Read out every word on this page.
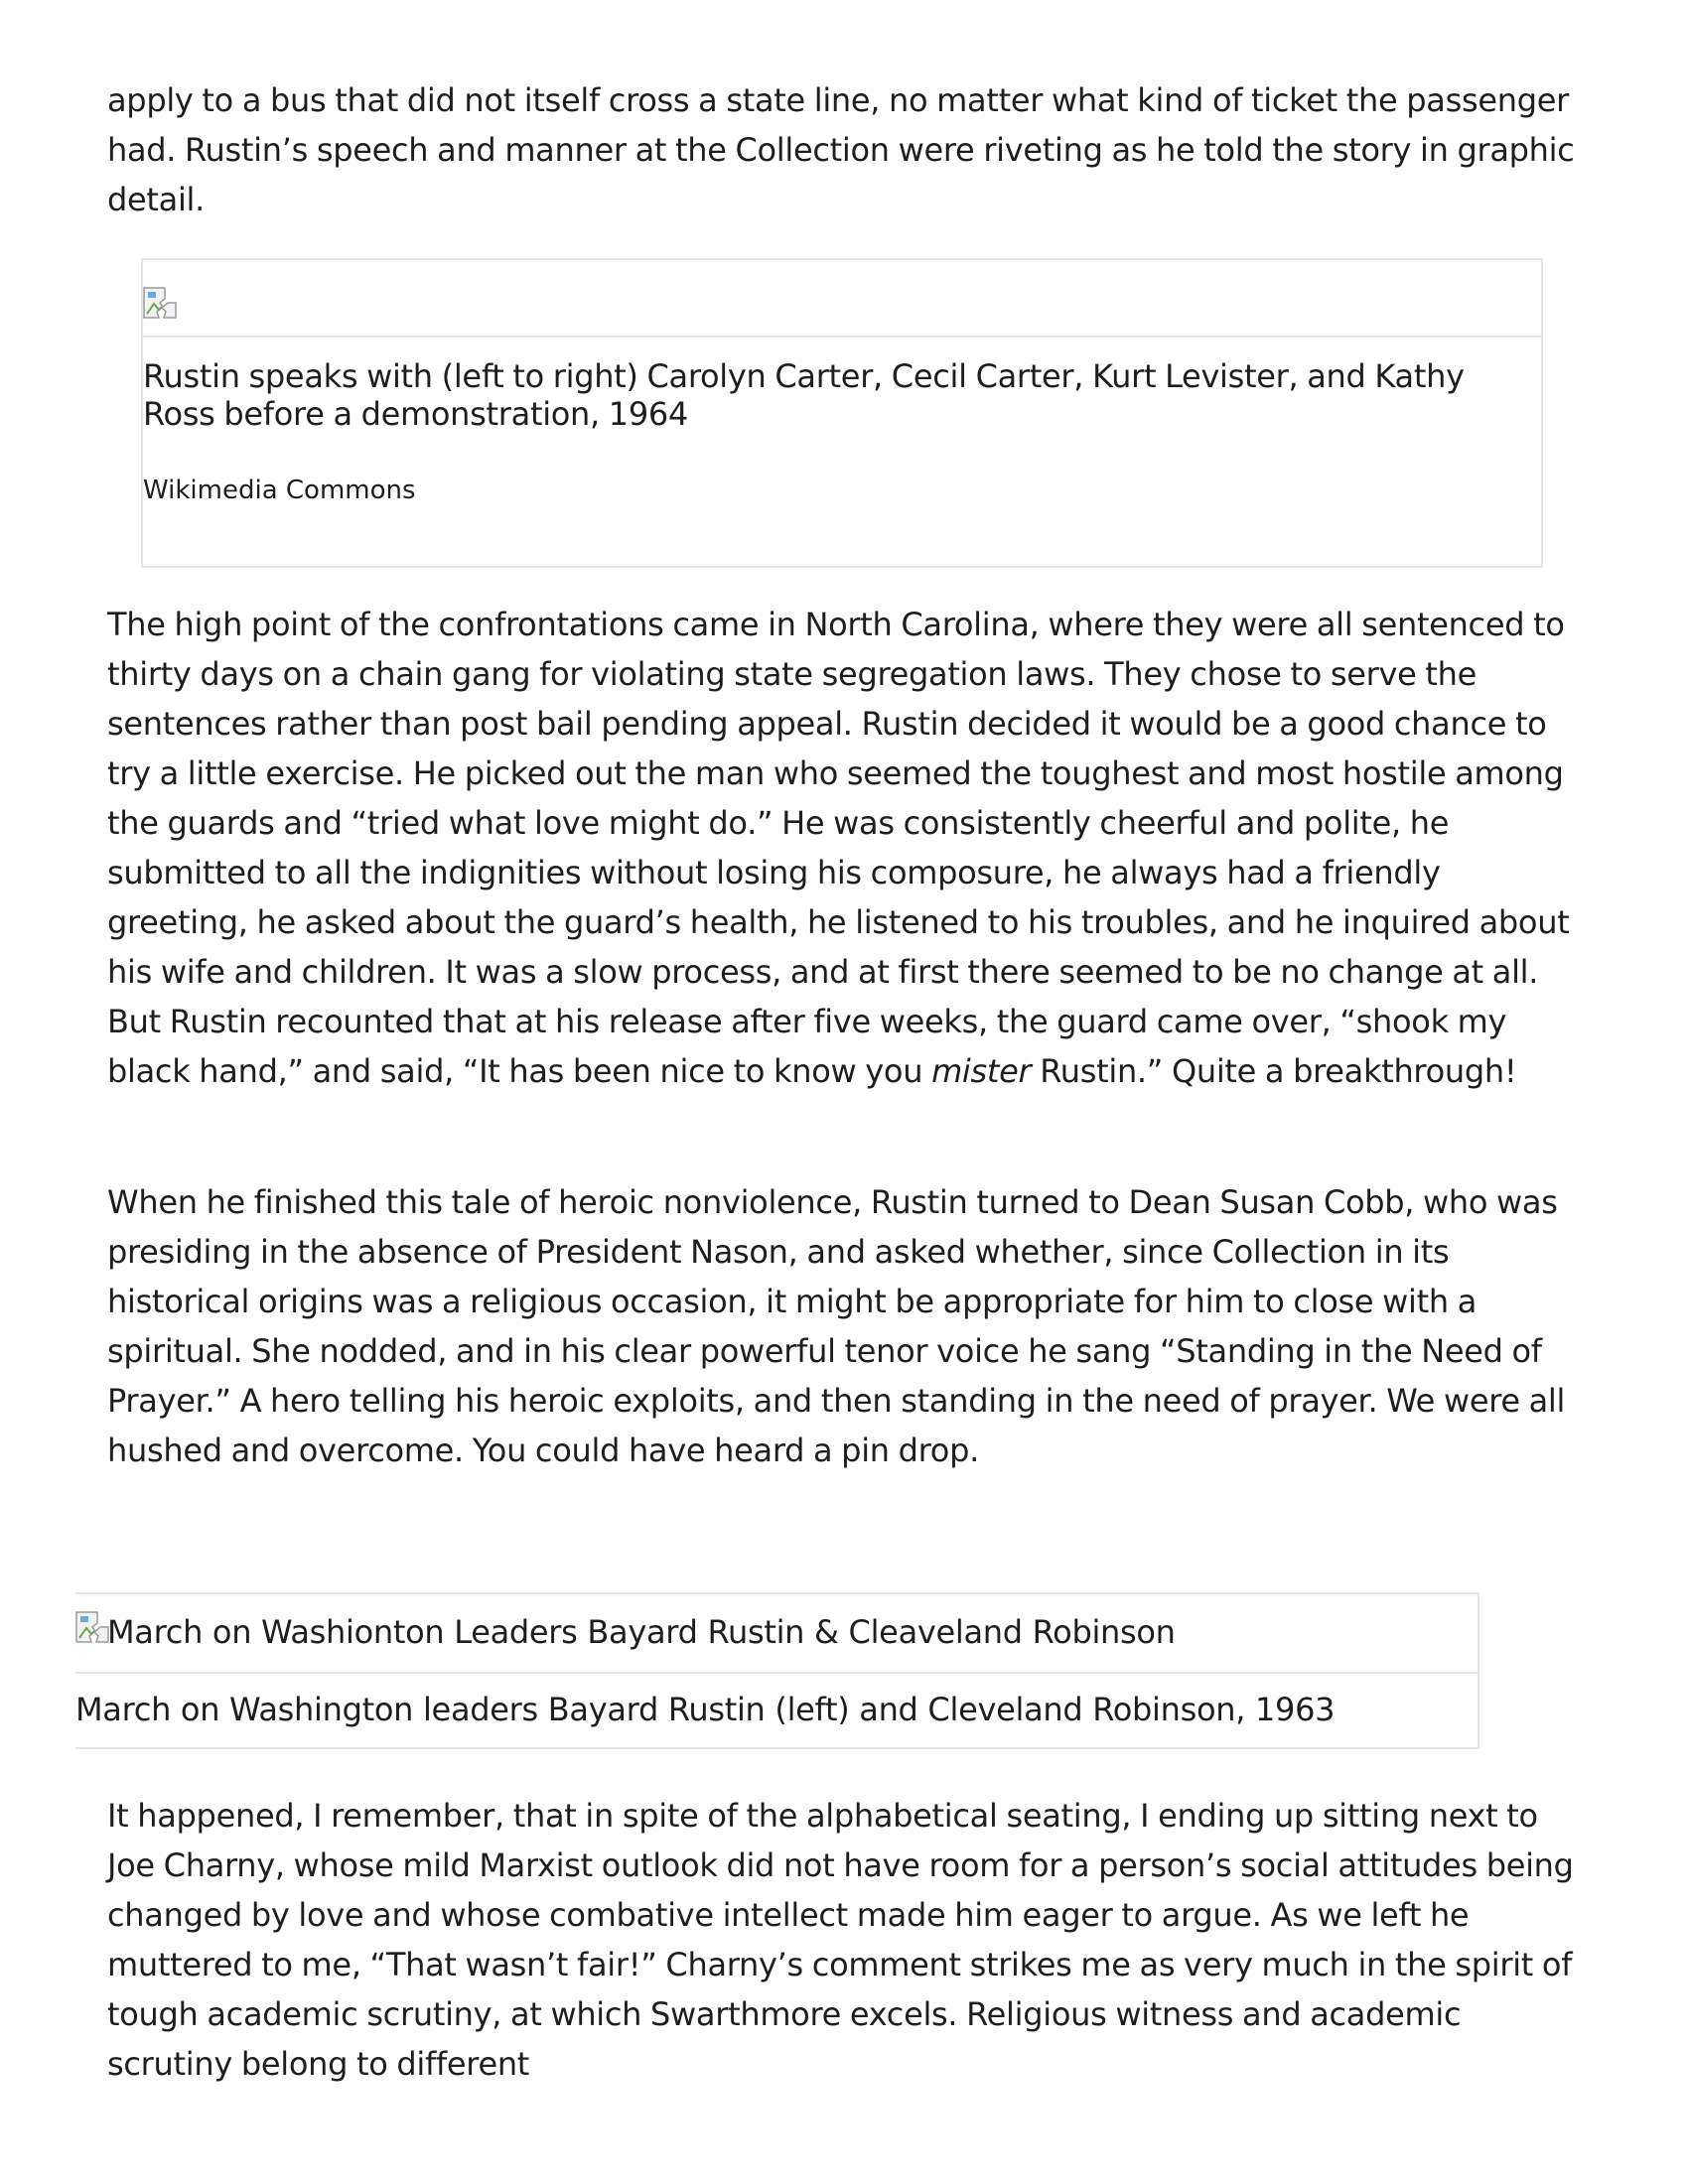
apply to a bus that did not itself cross a state line, no matter what kind of ticket the passenger had. Rustin’s speech and manner at the Collection were riveting as he told the story in graphic detail.

Rustin speaks with (left to right) Carolyn Carter, Cecil Carter, Kurt Levister, and Kathy Ross before a demonstration, 1964
Wikimedia Commons

The high point of the confrontations came in North Carolina, where they were all sentenced to thirty days on a chain gang for violating state segregation laws. They chose to serve the sentences rather than post bail pending appeal. Rustin decided it would be a good chance to try a little exercise. He picked out the man who seemed the toughest and most hostile among the guards and “tried what love might do.” He was consistently cheerful and polite, he submitted to all the indignities without losing his composure, he always had a friendly greeting, he asked about the guard’s health, he listened to his troubles, and he inquired about his wife and children. It was a slow process, and at first there seemed to be no change at all. But Rustin recounted that at his release after five weeks, the guard came over, “shook my black hand,” and said, “It has been nice to know you mister Rustin.” Quite a breakthrough!

When he finished this tale of heroic nonviolence, Rustin turned to Dean Susan Cobb, who was presiding in the absence of President Nason, and asked whether, since Collection in its historical origins was a religious occasion, it might be appropriate for him to close with a spiritual. She nodded, and in his clear powerful tenor voice he sang “Standing in the Need of Prayer.” A hero telling his heroic exploits, and then standing in the need of prayer. We were all hushed and overcome. You could have heard a pin drop.

March on Washionton Leaders Bayard Rustin & Cleaveland Robinson
March on Washington leaders Bayard Rustin (left) and Cleveland Robinson, 1963

It happened, I remember, that in spite of the alphabetical seating, I ending up sitting next to Joe Charny, whose mild Marxist outlook did not have room for a person’s social attitudes being changed by love and whose combative intellect made him eager to argue. As we left he muttered to me, “That wasn’t fair!” Charny’s comment strikes me as very much in the spirit of tough academic scrutiny, at which Swarthmore excels. Religious witness and academic scrutiny belong to different
